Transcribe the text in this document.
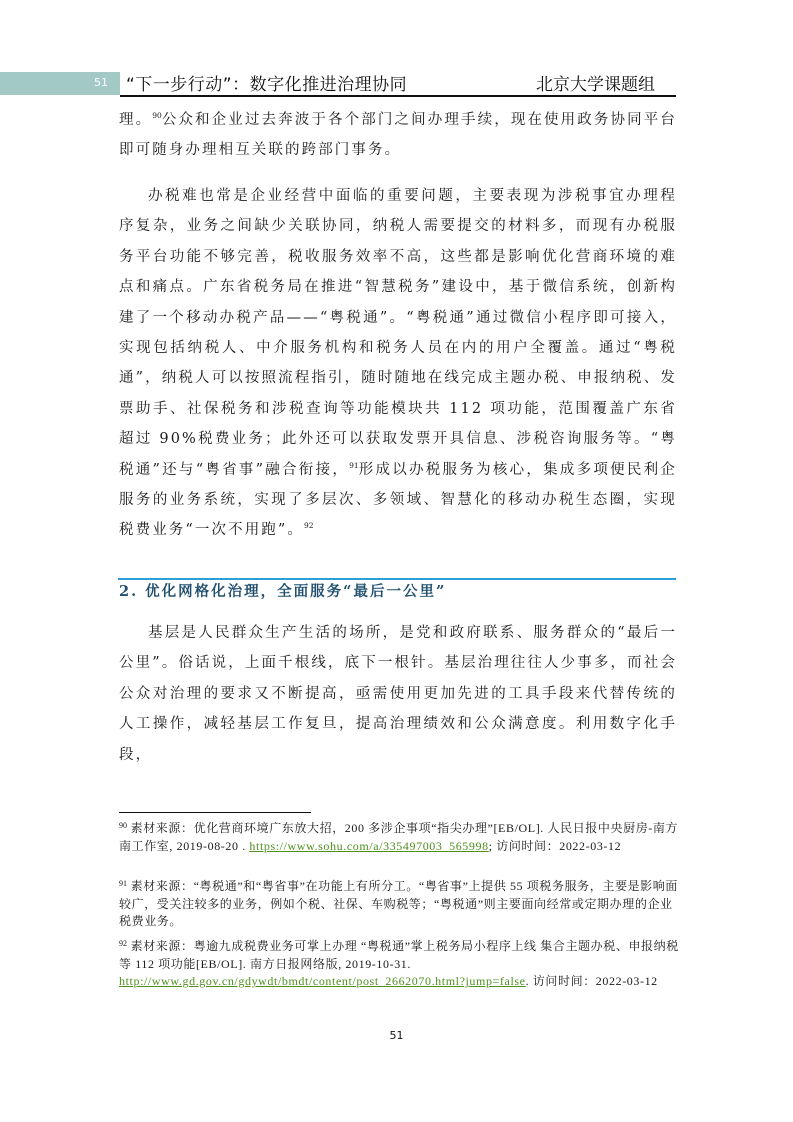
51 “下一步行动”：数字化推进治理协同	北京大学课题组

理。$^{90}$公众和企业过去奔波于各个部门之间办理手续，现在使用政务协同平台即可随身办理相互关联的跨部门事务。

办税难也常是企业经营中面临的重要问题，主要表现为涉税事宜办理程序复杂，业务之间缺少关联协同，纳税人需要提交的材料多，而现有办税服务平台功能不够完善，税收服务效率不高，这些都是影响优化营商环境的难点和痛点。广东省税务局在推进“智慧税务”建设中，基于微信系统，创新构建了一个移动办税产品——“粤税通”。“粤税通”通过微信小程序即可接入，实现包括纳税人、中介服务机构和税务人员在内的用户全覆盖。通过“粤税通”，纳税人可以按照流程指引，随时随地在线完成主题办税、申报纳税、发票助手、社保税务和涉税查询等功能模块共 112 项功能，范围覆盖广东省超过 90%税费业务；此外还可以获取发票开具信息、涉税咨询服务等。“粤税通”还与“粤省事”融合衔接，$^{91}$形成以办税服务为核心，集成多项便民利企服务的业务系统，实现了多层次、多领域、智慧化的移动办税生态圈，实现税费业务“一次不用跑”。$^{92}$

2. 优化网格化治理，全面服务“最后一公里”

基层是人民群众生产生活的场所，是党和政府联系、服务群众的“最后一公里”。俗话说，上面千根线，底下一根针。基层治理往往人少事多，而社会公众对治理的要求又不断提高，亟需使用更加先进的工具手段来代替传统的人工操作，减轻基层工作复旦，提高治理绩效和公众满意度。利用数字化手段，

$^{90}$ 素材来源：优化营商环境广东放大招，200 多涉企事项“指尖办理”[EB/OL]. 人民日报中央厨房-南方南工作室, 2019-08-20 . https://www.sohu.com/a/335497003_565998; 访问时间：2022-03-12
$^{91}$ 素材来源：“粤税通”和“粤省事”在功能上有所分工。“粤省事”上提供 55 项税务服务，主要是影响面较广，受关注较多的业务，例如个税、社保、车购税等；“粤税通”则主要面向经常或定期办理的企业税费业务。
$^{92}$ 素材来源：粤逾九成税费业务可掌上办理 “粤税通”掌上税务局小程序上线 集合主题办税、申报纳税等 112 项功能[EB/OL]. 南方日报网络版, 2019-10-31. http://www.gd.gov.cn/gdywdt/bmdt/content/post_2662070.html?jump=false. 访问时间：2022-03-12
51
